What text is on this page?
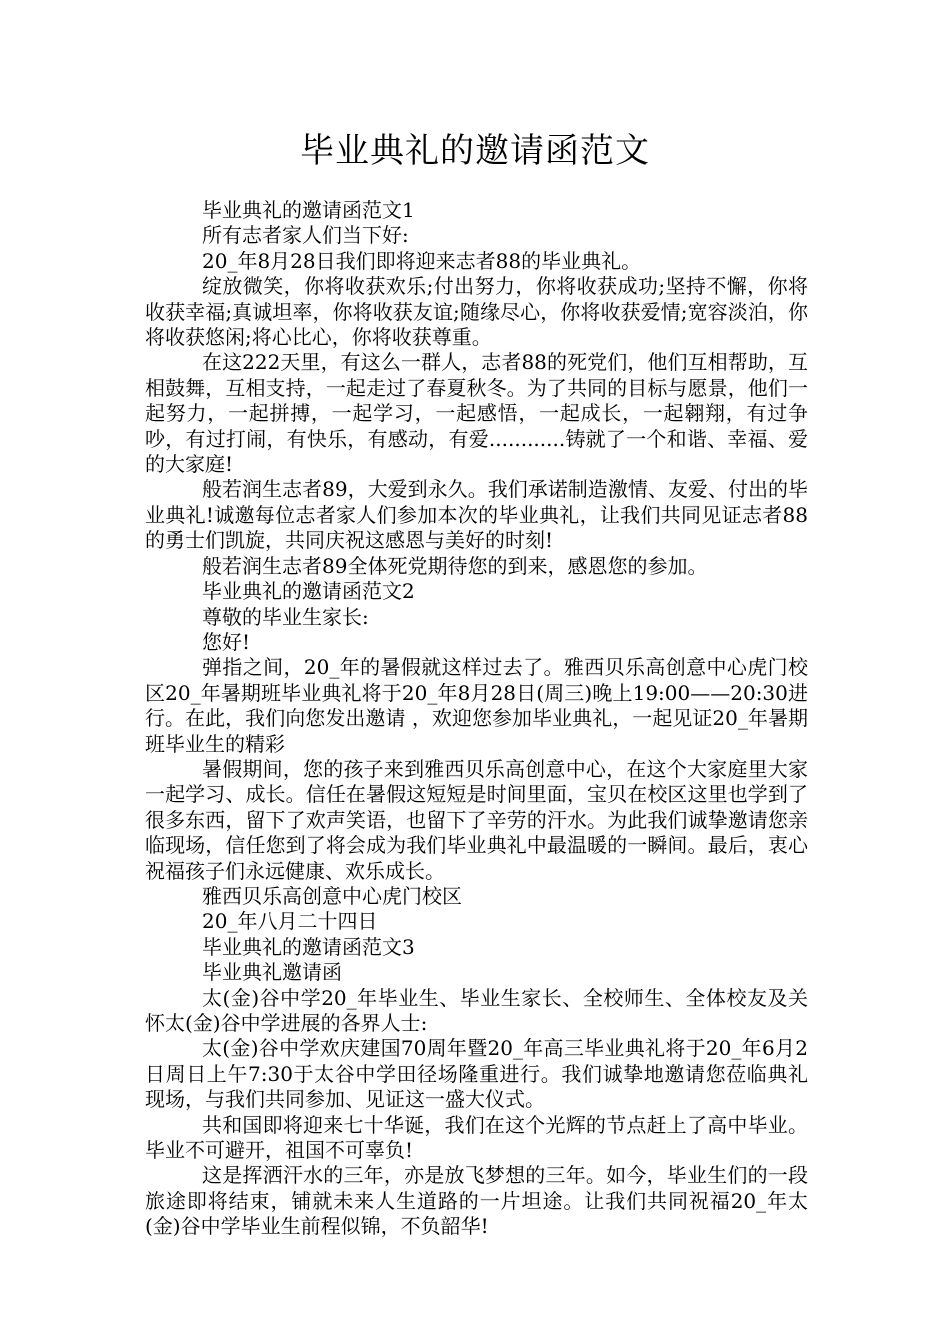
毕业典礼的邀请函范文

毕业典礼的邀请函范文1

所有志者家人们当下好:

20_年8月28日我们即将迎来志者88的毕业典礼。

绽放微笑，你将收获欢乐;付出努力，你将收获成功;坚持不懈，你将收获幸福;真诚坦率，你将收获友谊;随缘尽心，你将收获爱情;宽容淡泊，你将收获悠闲;将心比心，你将收获尊重。

在这222天里，有这么一群人，志者88的死党们，他们互相帮助，互相鼓舞，互相支持，一起走过了春夏秋冬。为了共同的目标与愿景，他们一起努力，一起拼搏，一起学习，一起感悟，一起成长，一起翱翔，有过争吵，有过打闹，有快乐，有感动，有爱............铸就了一个和谐、幸福、爱的大家庭!

般若润生志者89，大爱到永久。我们承诺制造激情、友爱、付出的毕业典礼!诚邀每位志者家人们参加本次的毕业典礼，让我们共同见证志者88的勇士们凯旋，共同庆祝这感恩与美好的时刻!

般若润生志者89全体死党期待您的到来，感恩您的参加。

毕业典礼的邀请函范文2

尊敬的毕业生家长:

您好!

弹指之间，20_年的暑假就这样过去了。雅西贝乐高创意中心虎门校区20_年暑期班毕业典礼将于20_年8月28日(周三)晚上19:00——20:30进行。在此，我们向您发出邀请 ，欢迎您参加毕业典礼，一起见证20_年暑期班毕业生的精彩

暑假期间，您的孩子来到雅西贝乐高创意中心，在这个大家庭里大家一起学习、成长。信任在暑假这短短是时间里面，宝贝在校区这里也学到了很多东西，留下了欢声笑语，也留下了辛劳的汗水。为此我们诚挚邀请您亲临现场，信任您到了将会成为我们毕业典礼中最温暖的一瞬间。最后，衷心祝福孩子们永远健康、欢乐成长。

雅西贝乐高创意中心虎门校区

20_年八月二十四日

毕业典礼的邀请函范文3

毕业典礼邀请函

太(金)谷中学20_年毕业生、毕业生家长、全校师生、全体校友及关怀太(金)谷中学进展的各界人士:

太(金)谷中学欢庆建国70周年暨20_年高三毕业典礼将于20_年6月2日周日上午7:30于太谷中学田径场隆重进行。我们诚挚地邀请您莅临典礼现场，与我们共同参加、见证这一盛大仪式。

共和国即将迎来七十华诞，我们在这个光辉的节点赶上了高中毕业。毕业不可避开，祖国不可辜负!

这是挥洒汗水的三年，亦是放飞梦想的三年。如今，毕业生们的一段旅途即将结束，铺就未来人生道路的一片坦途。让我们共同祝福20_年太(金)谷中学毕业生前程似锦，不负韶华!
